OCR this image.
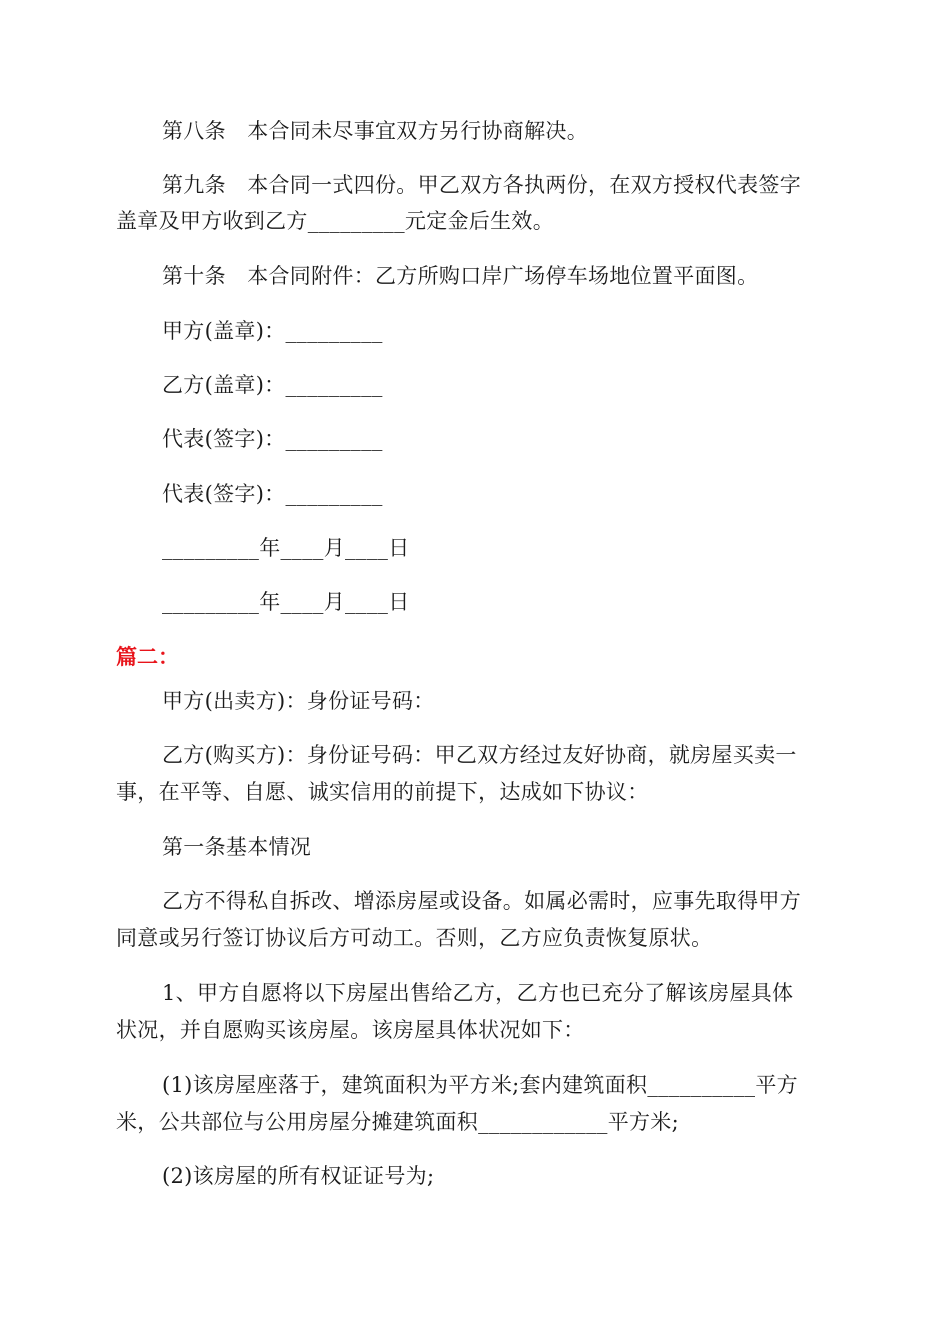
第八条　本合同未尽事宜双方另行协商解决。
第九条　本合同一式四份。甲乙双方各执两份，在双方授权代表签字
盖章及甲方收到乙方_________元定金后生效。
第十条　本合同附件：乙方所购口岸广场停车场地位置平面图。
甲方(盖章)：_________
乙方(盖章)：_________
代表(签字)：_________
代表(签字)：_________
_________年____月____日
_________年____月____日
篇二：
甲方(出卖方)：身份证号码：
乙方(购买方)：身份证号码：甲乙双方经过友好协商，就房屋买卖一
事，在平等、自愿、诚实信用的前提下，达成如下协议：
第一条基本情况
乙方不得私自拆改、增添房屋或设备。如属必需时，应事先取得甲方
同意或另行签订协议后方可动工。否则，乙方应负责恢复原状。
1、甲方自愿将以下房屋出售给乙方，乙方也已充分了解该房屋具体
状况，并自愿购买该房屋。该房屋具体状况如下：
(1)该房屋座落于，建筑面积为平方米;套内建筑面积__________平方
米，公共部位与公用房屋分摊建筑面积____________平方米;
(2)该房屋的所有权证证号为;
